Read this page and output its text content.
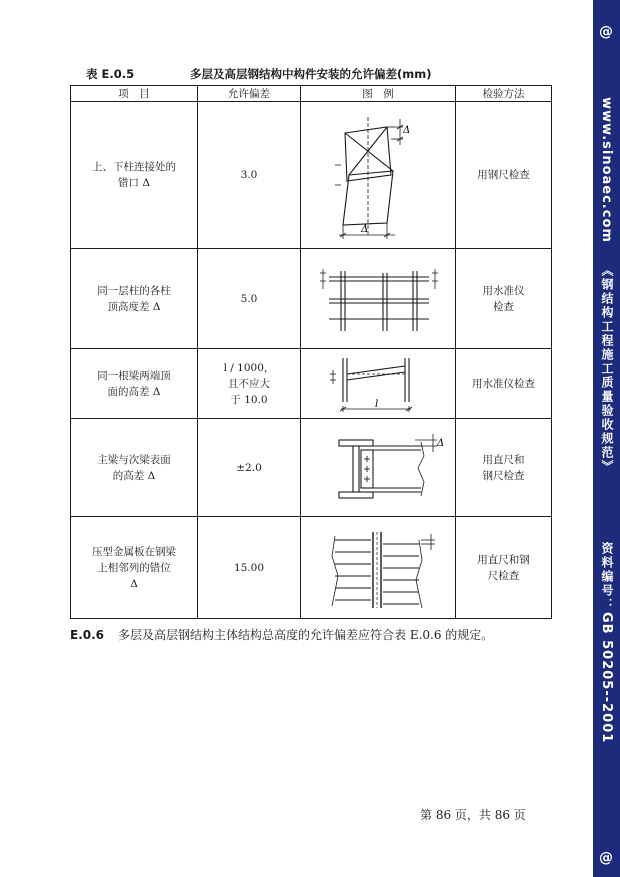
@
www.sinoaec.com
《钢结构工程施工质量验收规范》
资料编号：
GB 50205--2001
@
表 E.0.5	多层及高层钢结构中构件安装的允许偏差(mm)
项　目	允许偏差	图　例	检验方法
上、下柱连接处的
错口 Δ	3.0	Δ
Δ	用钢尺检查
同一层柱的各柱
顶高度差 Δ	5.0		用水准仪
检查
同一根梁两端顶
面的高差 Δ	l / 1000，
且不应大
于 10.0	l	用水准仪检查
主梁与次梁表面
的高差 Δ	±2.0	Δ	用直尺和
钢尺检查
压型金属板在钢梁
上相邻列的错位
Δ	15.00		用直尺和钢
尺检查
E.0.6 多层及高层钢结构主体结构总高度的允许偏差应符合表 E.0.6 的规定。
第 86 页，共 86 页
